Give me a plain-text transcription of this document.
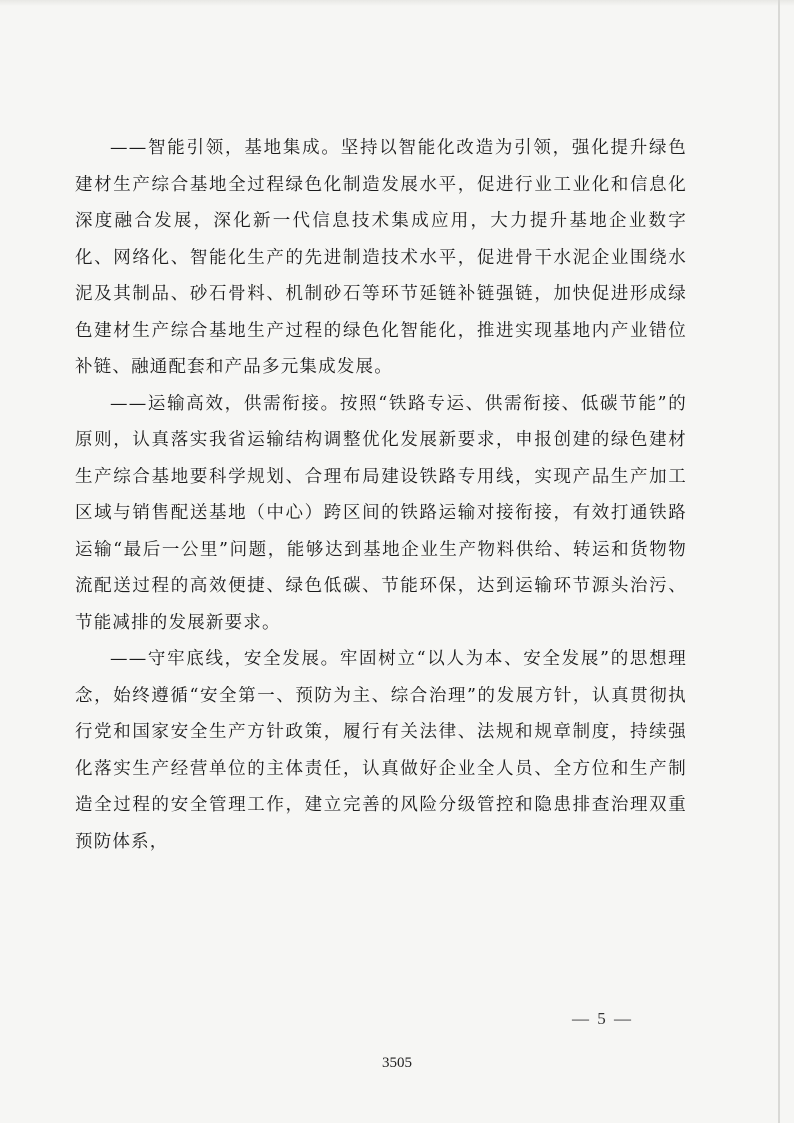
——智能引领，基地集成。坚持以智能化改造为引领，强化提升绿色建材生产综合基地全过程绿色化制造发展水平，促进行业工业化和信息化深度融合发展，深化新一代信息技术集成应用，大力提升基地企业数字化、网络化、智能化生产的先进制造技术水平，促进骨干水泥企业围绕水泥及其制品、砂石骨料、机制砂石等环节延链补链强链，加快促进形成绿色建材生产综合基地生产过程的绿色化智能化，推进实现基地内产业错位补链、融通配套和产品多元集成发展。

——运输高效，供需衔接。按照“铁路专运、供需衔接、低碳节能”的原则，认真落实我省运输结构调整优化发展新要求，申报创建的绿色建材生产综合基地要科学规划、合理布局建设铁路专用线，实现产品生产加工区域与销售配送基地（中心）跨区间的铁路运输对接衔接，有效打通铁路运输“最后一公里”问题，能够达到基地企业生产物料供给、转运和货物物流配送过程的高效便捷、绿色低碳、节能环保，达到运输环节源头治污、节能减排的发展新要求。

——守牢底线，安全发展。牢固树立“以人为本、安全发展”的思想理念，始终遵循“安全第一、预防为主、综合治理”的发展方针，认真贯彻执行党和国家安全生产方针政策，履行有关法律、法规和规章制度，持续强化落实生产经营单位的主体责任，认真做好企业全人员、全方位和生产制造全过程的安全管理工作，建立完善的风险分级管控和隐患排查治理双重预防体系，

— 5 —
3505
